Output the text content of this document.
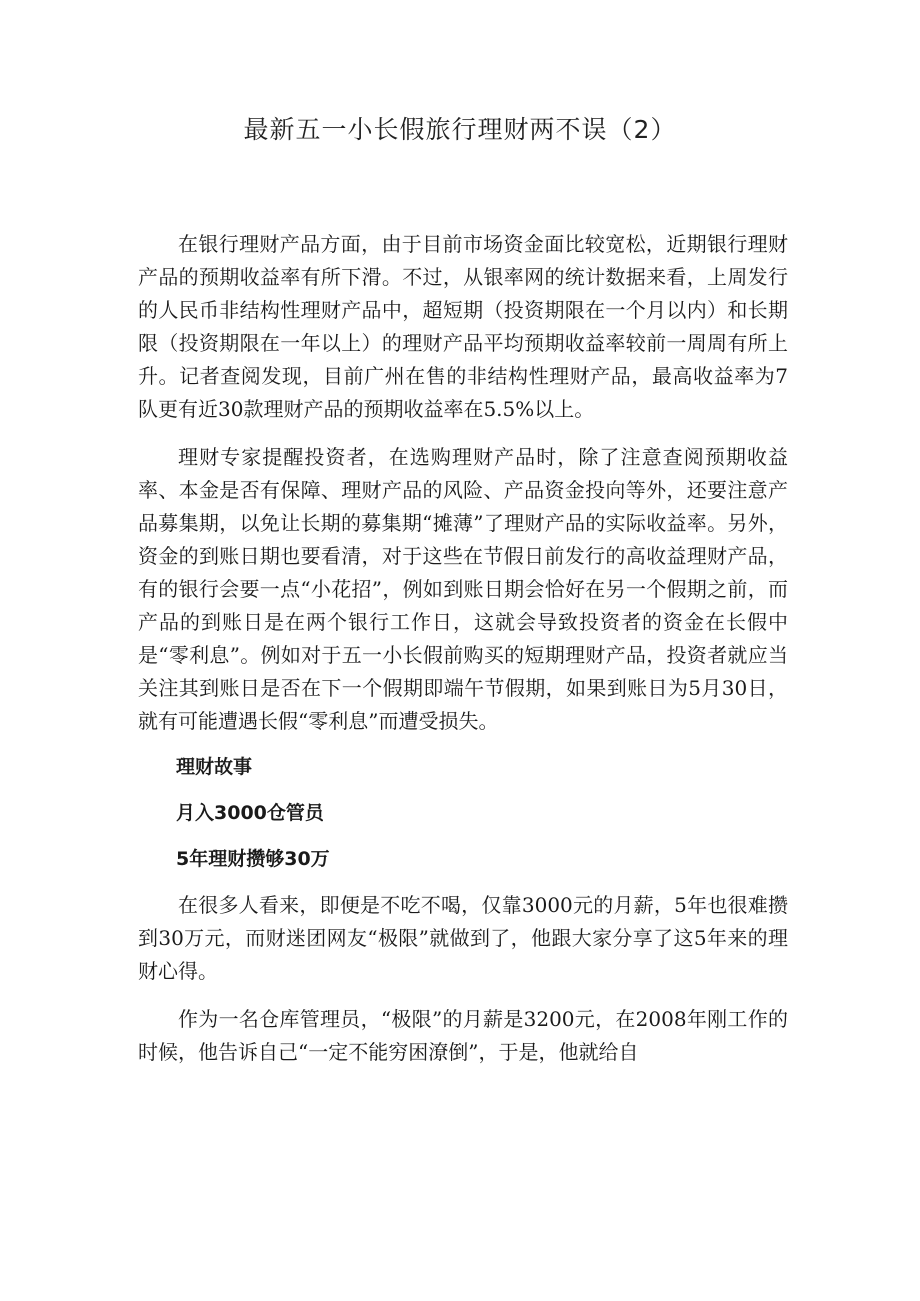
最新五一小长假旅行理财两不误（2）

在银行理财产品方面，由于目前市场资金面比较宽松，近期银行理财产品的预期收益率有所下滑。不过，从银率网的统计数据来看，上周发行的人民币非结构性理财产品中，超短期（投资期限在一个月以内）和长期限（投资期限在一年以上）的理财产品平均预期收益率较前一周周有所上升。记者查阅发现，目前广州在售的非结构性理财产品，最高收益率为7队更有近30款理财产品的预期收益率在5.5%以上。

理财专家提醒投资者，在选购理财产品时，除了注意查阅预期收益率、本金是否有保障、理财产品的风险、产品资金投向等外，还要注意产品募集期，以免让长期的募集期“摊薄”了理财产品的实际收益率。另外，资金的到账日期也要看清，对于这些在节假日前发行的高收益理财产品，有的银行会要一点“小花招”，例如到账日期会恰好在另一个假期之前，而产品的到账日是在两个银行工作日，这就会导致投资者的资金在长假中是“零利息”。例如对于五一小长假前购买的短期理财产品，投资者就应当关注其到账日是否在下一个假期即端午节假期，如果到账日为5月30日，就有可能遭遇长假“零利息”而遭受损失。

理财故事

月入3000仓管员

5年理财攒够30万

在很多人看来，即便是不吃不喝，仅靠3000元的月薪，5年也很难攒到30万元，而财迷团网友“极限”就做到了，他跟大家分享了这5年来的理财心得。

作为一名仓库管理员，“极限”的月薪是3200元，在2008年刚工作的时候，他告诉自己“一定不能穷困潦倒”，于是，他就给自
